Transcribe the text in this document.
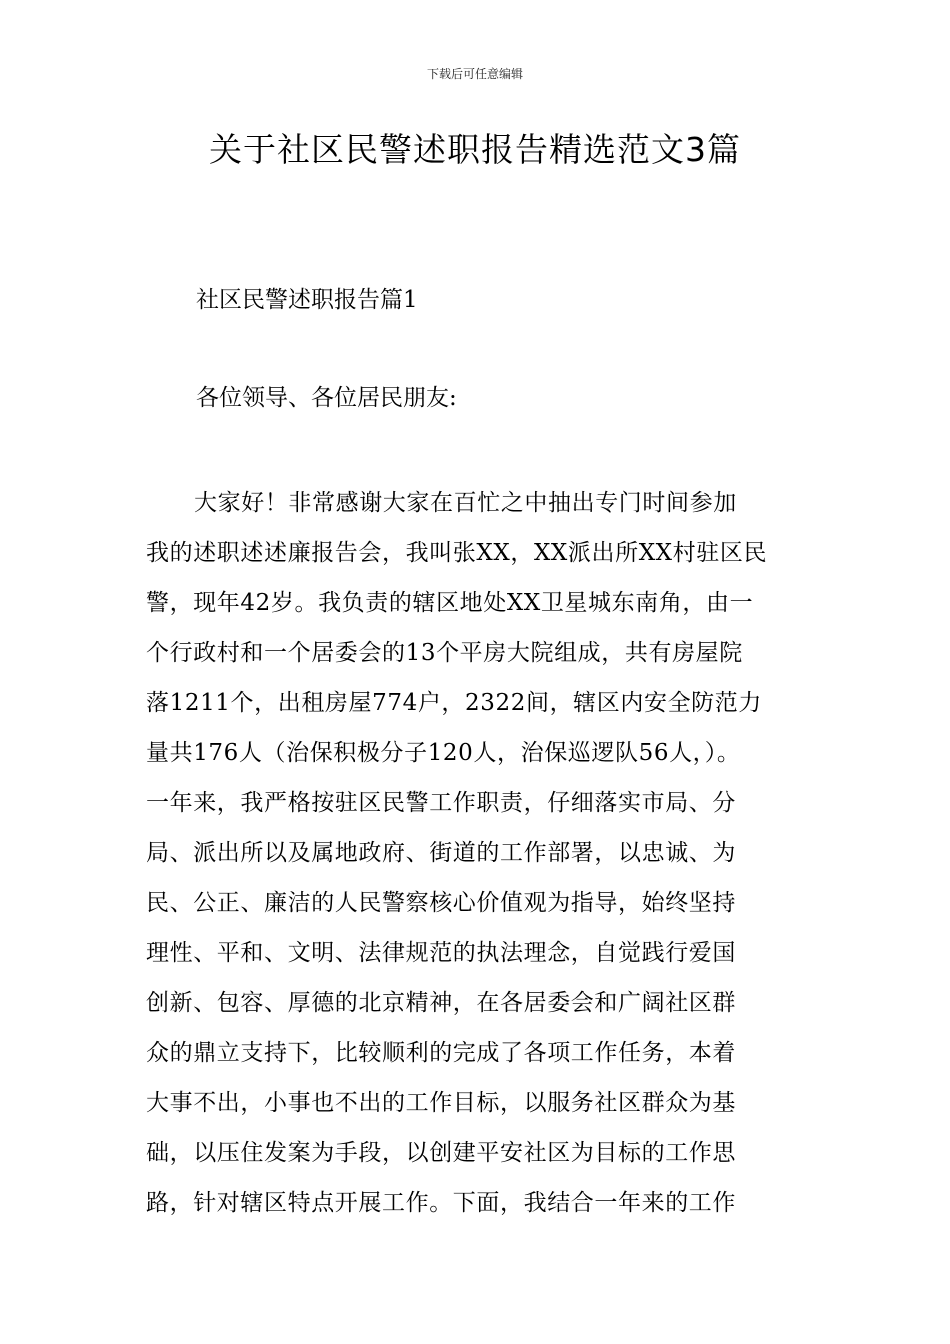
下载后可任意编辑
关于社区民警述职报告精选范文3篇
社区民警述职报告篇1

各位领导、各位居民朋友:

大家好！非常感谢大家在百忙之中抽出专门时间参加
我的述职述述廉报告会，我叫张XX，XX派出所XX村驻区民
警，现年42岁。我负责的辖区地处XX卫星城东南角，由一
个行政村和一个居委会的13个平房大院组成，共有房屋院
落1211个，出租房屋774户，2322间，辖区内安全防范力
量共176人（治保积极分子120人，治保巡逻队56人，）。
一年来，我严格按驻区民警工作职责，仔细落实市局、分
局、派出所以及属地政府、街道的工作部署，以忠诚、为
民、公正、廉洁的人民警察核心价值观为指导，始终坚持
理性、平和、文明、法律规范的执法理念，自觉践行爱国
创新、包容、厚德的北京精神，在各居委会和广阔社区群
众的鼎立支持下，比较顺利的完成了各项工作任务，本着
大事不出，小事也不出的工作目标，以服务社区群众为基
础，以压住发案为手段，以创建平安社区为目标的工作思
路，针对辖区特点开展工作。下面，我结合一年来的工作
